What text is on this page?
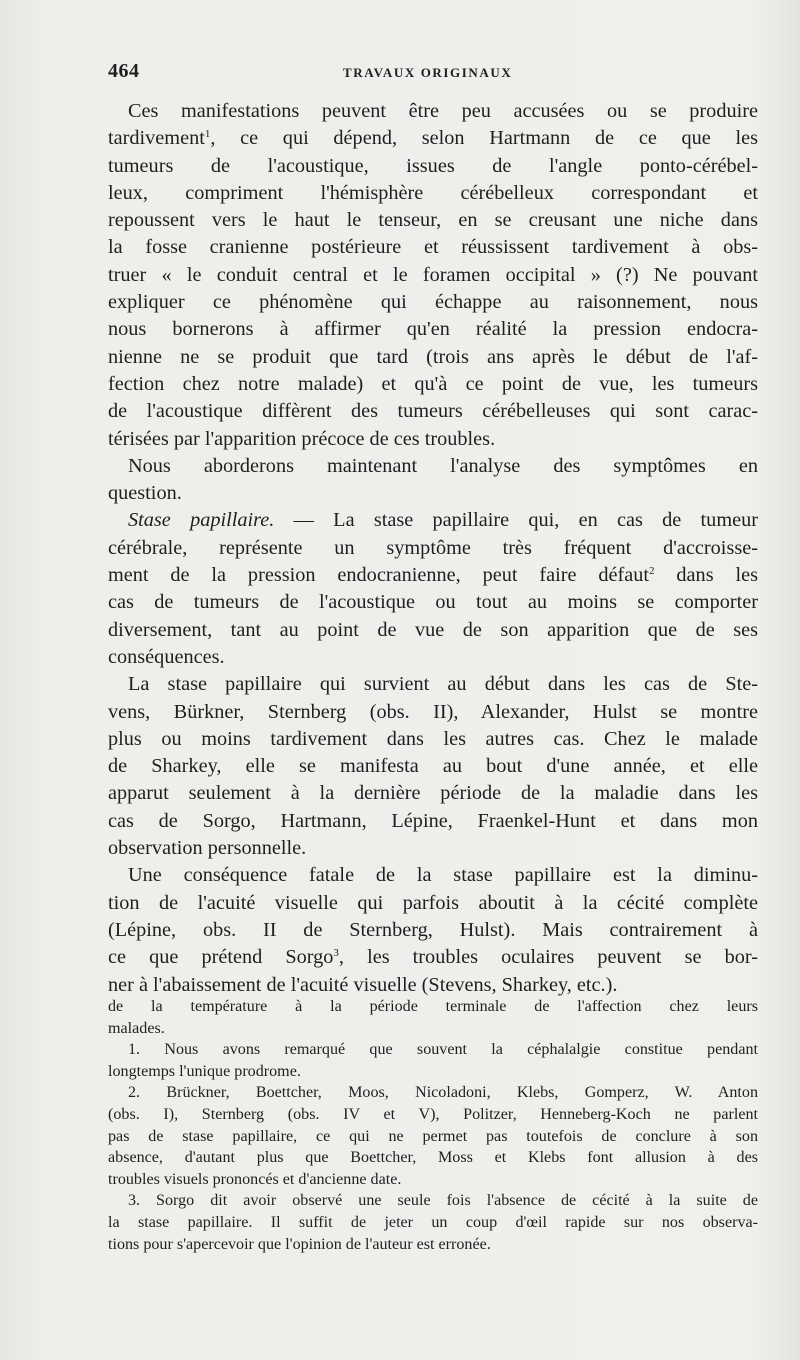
464	TRAVAUX ORIGINAUX
Ces manifestations peuvent être peu accusées ou se produire
tardivement$^1$, ce qui dépend, selon Hartmann de ce que les
tumeurs de l'acoustique, issues de l'angle ponto-cérébel-
leux, compriment l'hémisphère cérébelleux correspondant et
repoussent vers le haut le tenseur, en se creusant une niche dans
la fosse cranienne postérieure et réussissent tardivement à obs-
truer « le conduit central et le foramen occipital » (?) Ne pouvant
expliquer ce phénomène qui échappe au raisonnement, nous
nous bornerons à affirmer qu'en réalité la pression endocra-
nienne ne se produit que tard (trois ans après le début de l'af-
fection chez notre malade) et qu'à ce point de vue, les tumeurs
de l'acoustique diffèrent des tumeurs cérébelleuses qui sont carac-
térisées par l'apparition précoce de ces troubles.
Nous aborderons maintenant l'analyse des symptômes en
question.
Stase papillaire. — La stase papillaire qui, en cas de tumeur
cérébrale, représente un symptôme très fréquent d'accroisse-
ment de la pression endocranienne, peut faire défaut$^2$ dans les
cas de tumeurs de l'acoustique ou tout au moins se comporter
diversement, tant au point de vue de son apparition que de ses
conséquences.
La stase papillaire qui survient au début dans les cas de Ste-
vens, Bürkner, Sternberg (obs. II), Alexander, Hulst se montre
plus ou moins tardivement dans les autres cas. Chez le malade
de Sharkey, elle se manifesta au bout d'une année, et elle
apparut seulement à la dernière période de la maladie dans les
cas de Sorgo, Hartmann, Lépine, Fraenkel-Hunt et dans mon
observation personnelle.
Une conséquence fatale de la stase papillaire est la diminu-
tion de l'acuité visuelle qui parfois aboutit à la cécité complète
(Lépine, obs. II de Sternberg, Hulst). Mais contrairement à
ce que prétend Sorgo$^3$, les troubles oculaires peuvent se bor-
ner à l'abaissement de l'acuité visuelle (Stevens, Sharkey, etc.).
de la température à la période terminale de l'affection chez leurs
malades.
1. Nous avons remarqué que souvent la céphalalgie constitue pendant
longtemps l'unique prodrome.
2. Brückner, Boettcher, Moos, Nicoladoni, Klebs, Gomperz, W. Anton
(obs. I), Sternberg (obs. IV et V), Politzer, Henneberg-Koch ne parlent
pas de stase papillaire, ce qui ne permet pas toutefois de conclure à son
absence, d'autant plus que Boettcher, Moss et Klebs font allusion à des
troubles visuels prononcés et d'ancienne date.
3. Sorgo dit avoir observé une seule fois l'absence de cécité à la suite de
la stase papillaire. Il suffit de jeter un coup d'œil rapide sur nos observa-
tions pour s'apercevoir que l'opinion de l'auteur est erronée.
